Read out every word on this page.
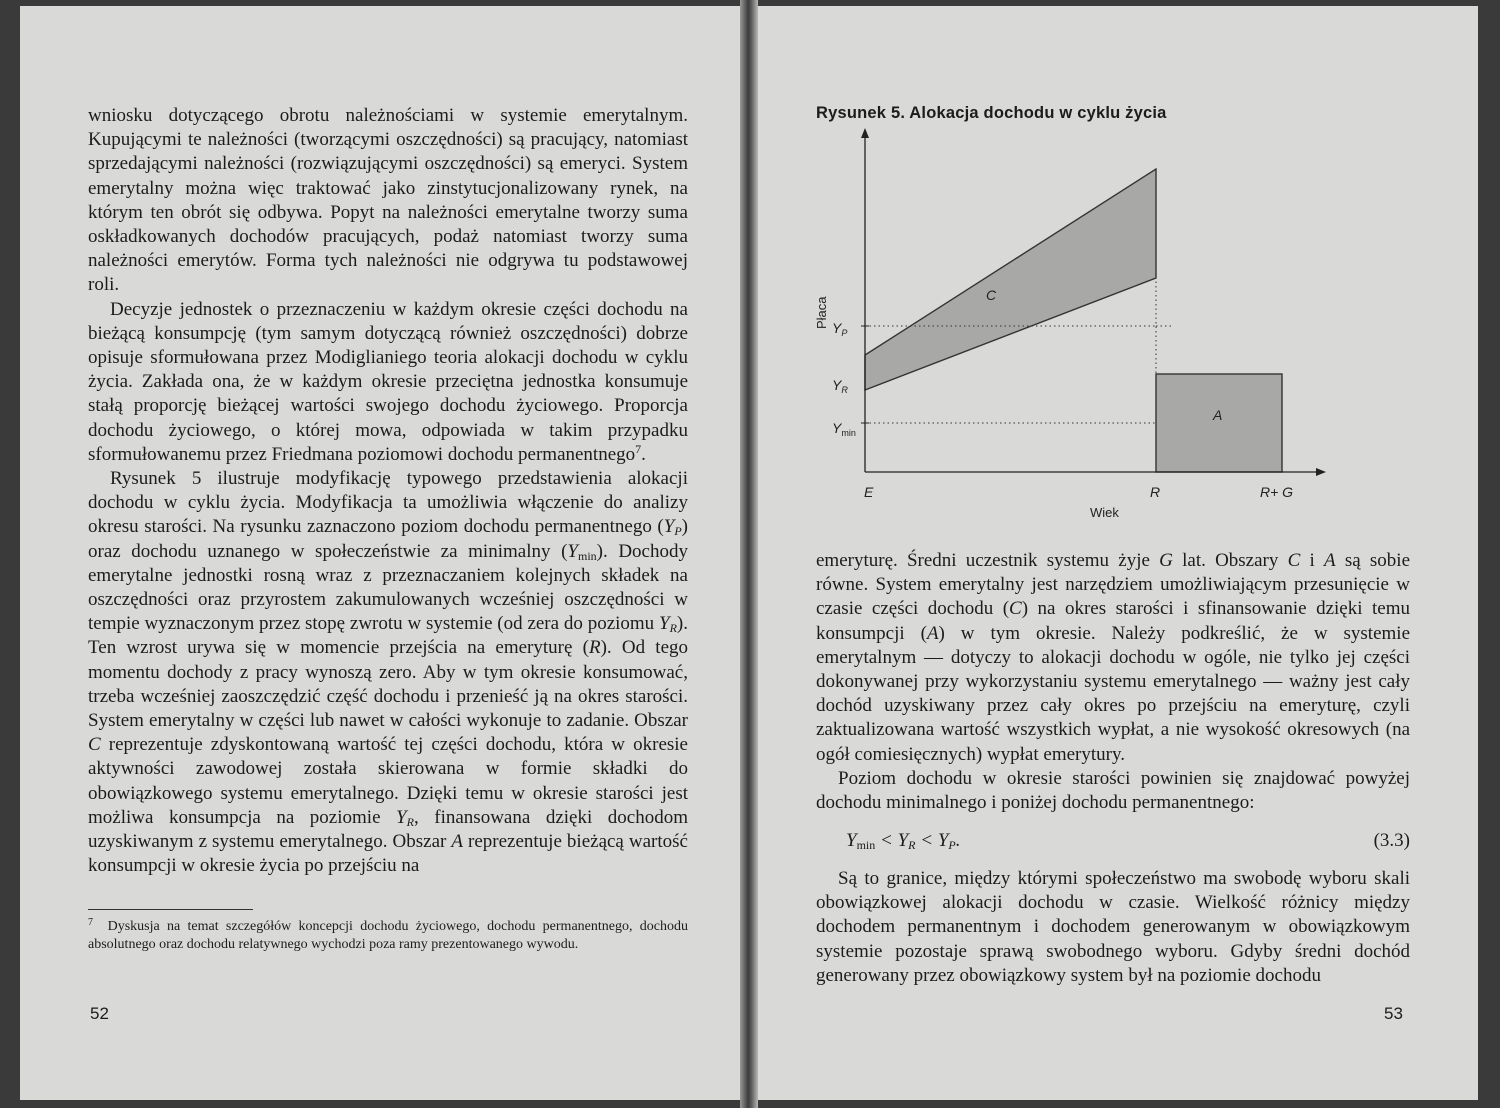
wniosku dotyczącego obrotu należnościami w systemie emerytalnym. Kupującymi te należności (tworzącymi oszczędności) są pracujący, natomiast sprzedającymi należności (rozwiązującymi oszczędności) są emeryci. System emerytalny można więc traktować jako zinstytucjonalizowany rynek, na którym ten obrót się odbywa. Popyt na należności emerytalne tworzy suma oskładkowanych dochodów pracujących, podaż natomiast tworzy suma należności emerytów. Forma tych należności nie odgrywa tu podstawowej roli.

Decyzje jednostek o przeznaczeniu w każdym okresie części dochodu na bieżącą konsumpcję (tym samym dotyczącą również oszczędności) dobrze opisuje sformułowana przez Modiglianiego teoria alokacji dochodu w cyklu życia. Zakłada ona, że w każdym okresie przeciętna jednostka konsumuje stałą proporcję bieżącej wartości swojego dochodu życiowego. Proporcja dochodu życiowego, o której mowa, odpowiada w takim przypadku sformułowanemu przez Friedmana poziomowi dochodu permanentnego$^7$.

Rysunek 5 ilustruje modyfikację typowego przedstawienia alokacji dochodu w cyklu życia. Modyfikacja ta umożliwia włączenie do analizy okresu starości. Na rysunku zaznaczono poziom dochodu permanentnego $(Y_P)$ oraz dochodu uznanego w społeczeństwie za minimalny $(Y_{min})$. Dochody emerytalne jednostki rosną wraz z przeznaczaniem kolejnych składek na oszczędności oraz przyrostem zakumulowanych wcześniej oszczędności w tempie wyznaczonym przez stopę zwrotu w systemie (od zera do poziomu $Y_R$). Ten wzrost urywa się w momencie przejścia na emeryturę (R). Od tego momentu dochody z pracy wynoszą zero. Aby w tym okresie konsumować, trzeba wcześniej zaoszczędzić część dochodu i przenieść ją na okres starości. System emerytalny w części lub nawet w całości wykonuje to zadanie. Obszar C reprezentuje zdyskontowaną wartość tej części dochodu, która w okresie aktywności zawodowej została skierowana w formie składki do obowiązkowego systemu emerytalnego. Dzięki temu w okresie starości jest możliwa konsumpcja na poziomie $Y_R$, finansowana dzięki dochodom uzyskiwanym z systemu emerytalnego. Obszar A reprezentuje bieżącą wartość konsumpcji w okresie życia po przejściu na

$^7$  Dyskusja na temat szczegółów koncepcji dochodu życiowego, dochodu permanentnego, dochodu absolutnego oraz dochodu relatywnego wychodzi poza ramy prezentowanego wywodu.
52
Rysunek 5. Alokacja dochodu w cyklu życia
Płaca $Y_P$
$Y_R$
$Y_{min}$
E	R	R+ G
Wiek
C
A

emeryturę. Średni uczestnik systemu żyje G lat. Obszary C i A są sobie równe. System emerytalny jest narzędziem umożliwiającym przesunięcie w czasie części dochodu (C) na okres starości i sfinansowanie dzięki temu konsumpcji (A) w tym okresie. Należy podkreślić, że w systemie emerytalnym — dotyczy to alokacji dochodu w ogóle, nie tylko jej części dokonywanej przy wykorzystaniu systemu emerytalnego — ważny jest cały dochód uzyskiwany przez cały okres po przejściu na emeryturę, czyli zaktualizowana wartość wszystkich wypłat, a nie wysokość okresowych (na ogół comiesięcznych) wypłat emerytury.

Poziom dochodu w okresie starości powinien się znajdować powyżej dochodu minimalnego i poniżej dochodu permanentnego:

$Y_{min} < Y_R < Y_P$.	(3.3)

Są to granice, między którymi społeczeństwo ma swobodę wyboru skali obowiązkowej alokacji dochodu w czasie. Wielkość różnicy między dochodem permanentnym i dochodem generowanym w obowiązkowym systemie pozostaje sprawą swobodnego wyboru. Gdyby średni dochód generowany przez obowiązkowy system był na poziomie dochodu

53
